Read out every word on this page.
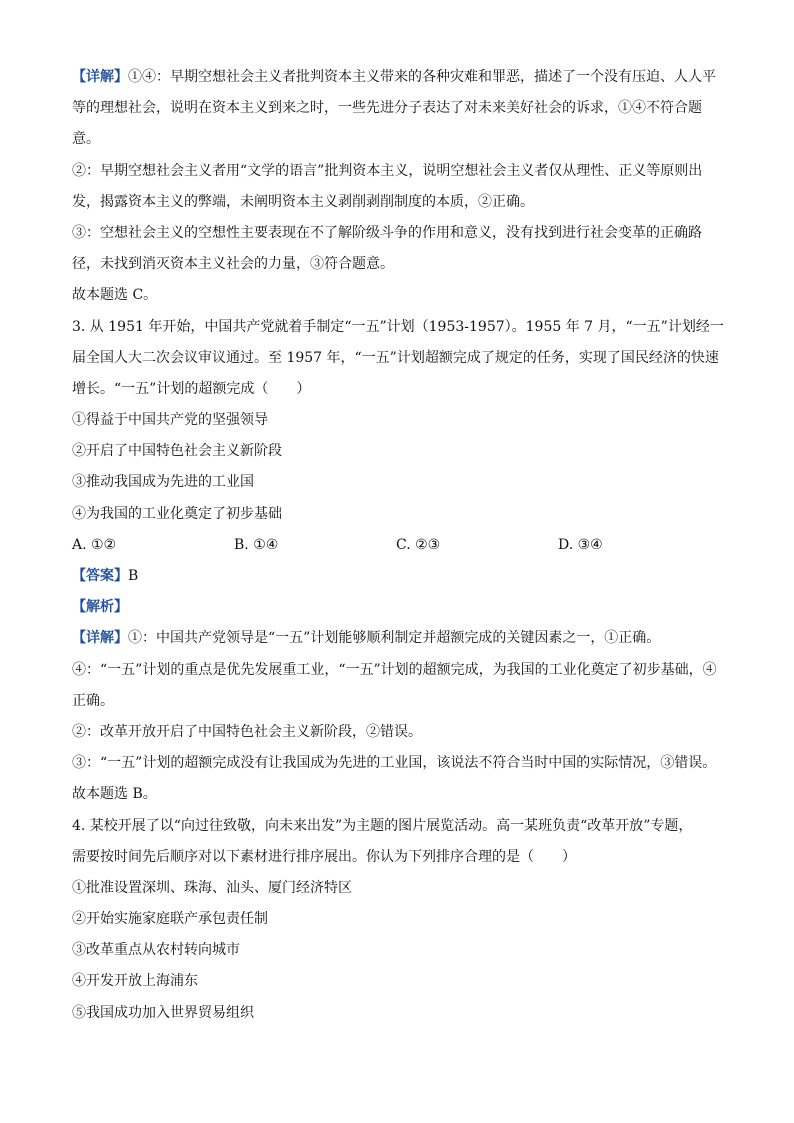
【详解】①④：早期空想社会主义者批判资本主义带来的各种灾难和罪恶，描述了一个没有压迫、人人平
等的理想社会，说明在资本主义到来之时，一些先进分子表达了对未来美好社会的诉求，①④不符合题
意。
②：早期空想社会主义者用“文学的语言”批判资本主义，说明空想社会主义者仅从理性、正义等原则出
发，揭露资本主义的弊端，未阐明资本主义剥削剥削制度的本质，②正确。
③：空想社会主义的空想性主要表现在不了解阶级斗争的作用和意义，没有找到进行社会变革的正确路
径，未找到消灭资本主义社会的力量，③符合题意。
故本题选 C。
3. 从 1951 年开始，中国共产党就着手制定“一五”计划（1953-1957）。1955 年 7 月，“一五”计划经一
届全国人大二次会议审议通过。至 1957 年，“一五”计划超额完成了规定的任务，实现了国民经济的快速
增长。“一五”计划的超额完成（　　）
①得益于中国共产党的坚强领导
②开启了中国特色社会主义新阶段
③推动我国成为先进的工业国
④为我国的工业化奠定了初步基础
A. ①②	B. ①④	C. ②③	D. ③④
【答案】B
【解析】
【详解】①：中国共产党领导是“一五”计划能够顺利制定并超额完成的关键因素之一，①正确。
④：“一五”计划的重点是优先发展重工业，“一五”计划的超额完成，为我国的工业化奠定了初步基础，④
正确。
②：改革开放开启了中国特色社会主义新阶段，②错误。
③：“一五”计划的超额完成没有让我国成为先进的工业国，该说法不符合当时中国的实际情况，③错误。
故本题选 B。
4. 某校开展了以“向过往致敬，向未来出发”为主题的图片展览活动。高一某班负责“改革开放”专题，
需要按时间先后顺序对以下素材进行排序展出。你认为下列排序合理的是（　　）
①批准设置深圳、珠海、汕头、厦门经济特区
②开始实施家庭联产承包责任制
③改革重点从农村转向城市
④开发开放上海浦东
⑤我国成功加入世界贸易组织
